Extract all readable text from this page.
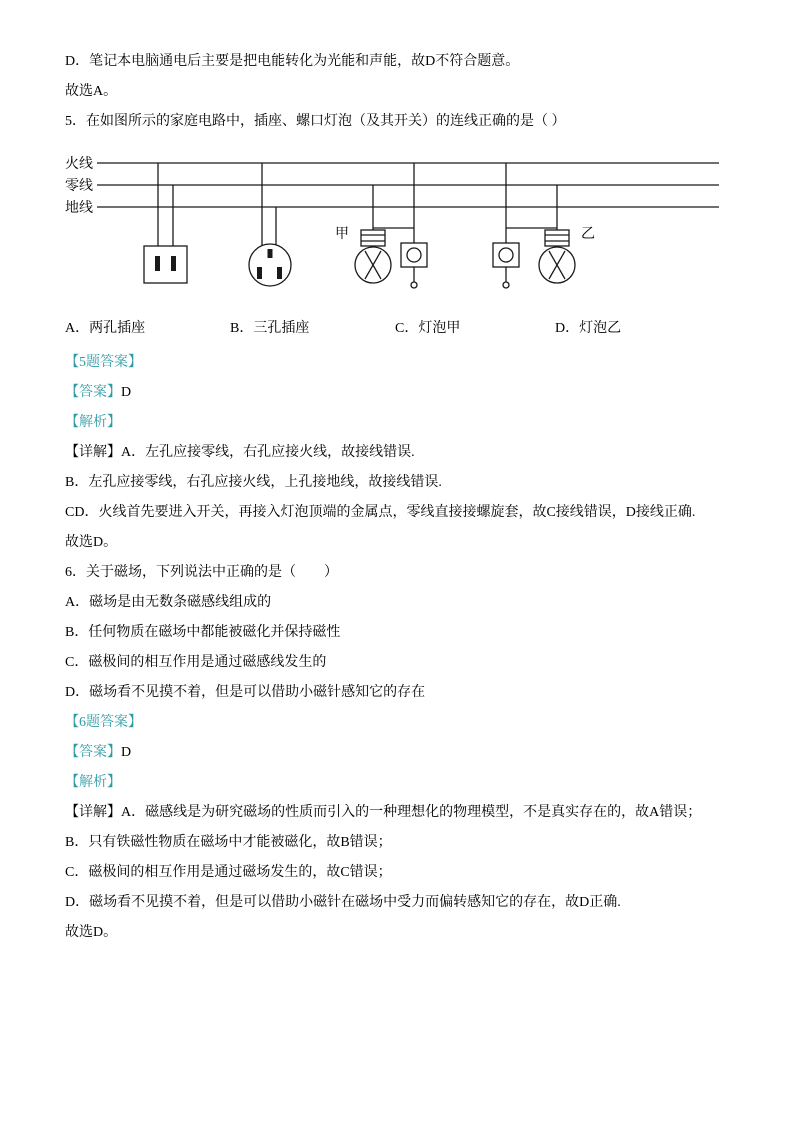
D．笔记本电脑通电后主要是把电能转化为光能和声能，故D不符合题意。

故选A。

5．在如图所示的家庭电路中，插座、螺口灯泡（及其开关）的连线正确的是（ ）

火线
零线
地线
甲	乙
A．两孔插座	B．三孔插座	C．灯泡甲	D．灯泡乙

【5题答案】

【答案】D

【解析】

【详解】A．左孔应接零线，右孔应接火线，故接线错误.

B．左孔应接零线，右孔应接火线，上孔接地线，故接线错误.

CD．火线首先要进入开关，再接入灯泡顶端的金属点，零线直接接螺旋套，故C接线错误，D接线正确.

故选D。

6．关于磁场，下列说法中正确的是（　　）

A．磁场是由无数条磁感线组成的

B．任何物质在磁场中都能被磁化并保持磁性

C．磁极间的相互作用是通过磁感线发生的

D．磁场看不见摸不着，但是可以借助小磁针感知它的存在

【6题答案】

【答案】D

【解析】

【详解】A．磁感线是为研究磁场的性质而引入的一种理想化的物理模型，不是真实存在的，故A错误；

B．只有铁磁性物质在磁场中才能被磁化，故B错误；

C．磁极间的相互作用是通过磁场发生的，故C错误；

D．磁场看不见摸不着，但是可以借助小磁针在磁场中受力而偏转感知它的存在，故D正确.

故选D。
